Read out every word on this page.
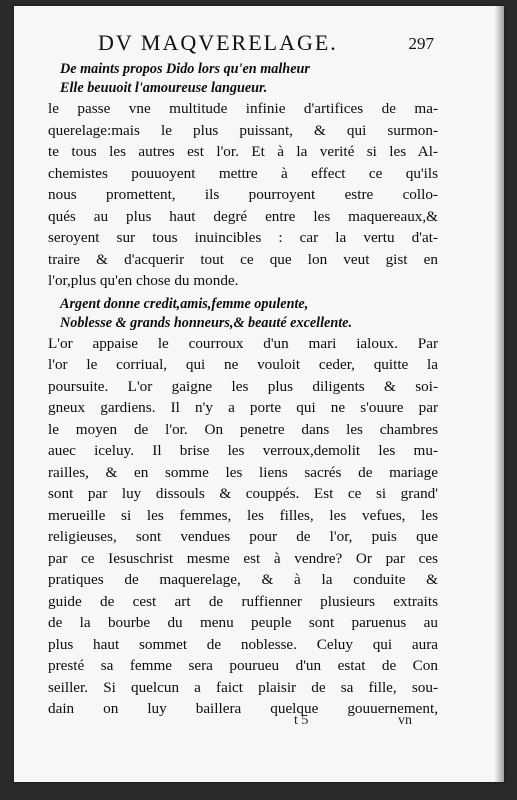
DV MAQVERELAGE.	297
De maints propos Dido lors qu'en malheur
Elle beuuoit l'amoureuse langueur.
le passe vne multitude infinie d'artifices de ma-
querelage:mais le plus puissant, & qui surmon-
te tous les autres est l'or. Et à la verité si les Al-
chemistes pouuoyent mettre à effect ce qu'ils
nous promettent, ils pourroyent estre collo-
qués au plus haut degré entre les maquereaux,&
seroyent sur tous inuincibles : car la vertu d'at-
traire & d'acquerir tout ce que lon veut gist en
l'or,plus qu'en chose du monde.
Argent donne credit,amis,femme opulente,
Noblesse & grands honneurs,& beauté excellente.
L'or appaise le courroux d'un mari ialoux. Par
l'or le corriual, qui ne vouloit ceder, quitte la
poursuite. L'or gaigne les plus diligents & soi-
gneux gardiens. Il n'y a porte qui ne s'ouure par
le moyen de l'or. On penetre dans les chambres
auec iceluy. Il brise les verroux,demolit les mu-
railles, & en somme les liens sacrés de mariage
sont par luy dissouls & couppés. Est ce si grand'
merueille si les femmes, les filles, les vefues, les
religieuses, sont vendues pour de l'or, puis que
par ce Iesuschrist mesme est à vendre? Or par ces
pratiques de maquerelage, & à la conduite &
guide de cest art de ruffienner plusieurs extraits
de la bourbe du menu peuple sont paruenus au
plus haut sommet de noblesse. Celuy qui aura
presté sa femme sera pourueu d'un estat de Con
seiller. Si quelcun a faict plaisir de sa fille, sou-
dain on luy baillera quelque gouuernement,
t 5	vn
